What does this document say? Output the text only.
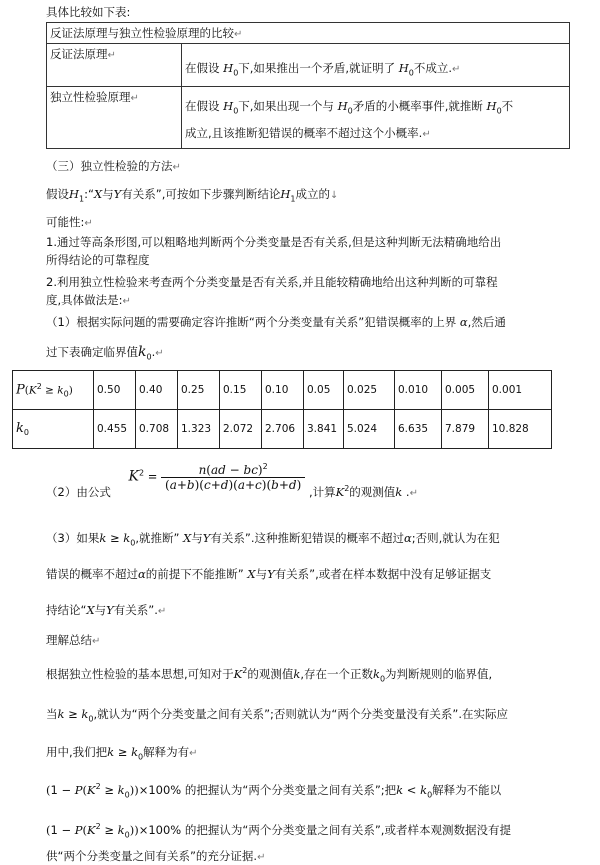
具体比较如下表:
反证法原理与独立性检验原理的比较↵	
反证法原理↵	在假设 $H_0$下,如果推出一个矛盾,就证明了 $H_0$不成立.↵
独立性检验原理↵	在假设 $H_0$下,如果出现一个与 $H_0$矛盾的小概率事件,就推断 $H_0$不
成立,且该推断犯错误的概率不超过这个小概率.↵
（三）独立性检验的方法↵
假设$H_1:“X$与Y有关系”,可按如下步骤判断结论$H_1$成立的↓
可能性:↵
1.通过等高条形图,可以粗略地判断两个分类变量是否有关系,但是这种判断无法精确地给出
所得结论的可靠程度
2.利用独立性检验来考查两个分类变量是否有关系,并且能较精确地给出这种判断的可靠程
度,具体做法是:↵
（1）根据实际问题的需要确定容许推断“两个分类变量有关系”犯错误概率的上界 α,然后通
过下表确定临界值$k_0.↵$
$P(K^2 \ge k_0)$	0.50	0.40	0.25	0.15	0.10	0.05	0.025	0.010	0.005	0.001
$k_0$	0.455	0.708	1.323	2.072	2.706	3.841	5.024	6.635	7.879	10.828
（2）由公式 $K^2 = \frac{n(ad - bc)^2}{(a+b)(c+d)(a+c)(b+d)}$ ,计算$K^2$的观测值k .↵
（3）如果$k \ge k_0$,就推断” X与Y有关系”.这种推断犯错误的概率不超过α;否则,就认为在犯
错误的概率不超过α的前提下不能推断” X与Y有关系”,或者在样本数据中没有足够证据支
持结论“X与Y有关系”.↵
理解总结↵
根据独立性检验的基本思想,可知对于$K^2$的观测值k,存在一个正数$k_0$为判断规则的临界值,
当$k \ge k_0$,就认为“两个分类变量之间有关系”;否则就认为“两个分类变量没有关系”.在实际应
用中,我们把$k \ge k_0$解释为有↵
$(1 - P(K^2 \ge k_0))\times 100\%$ 的把握认为“两个分类变量之间有关系”;把$k < k_0$解释为不能以
$(1 - P(K^2 \ge k_0))\times 100\%$ 的把握认为“两个分类变量之间有关系”,或者样本观测数据没有提
供“两个分类变量之间有关系”的充分证据.↵
